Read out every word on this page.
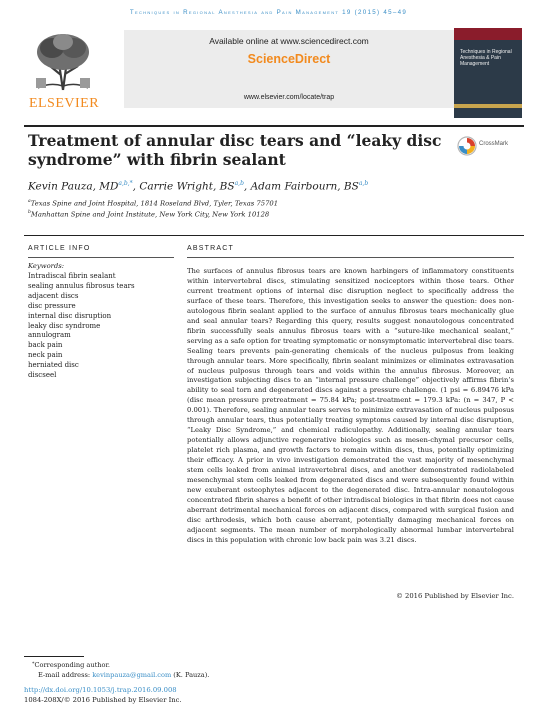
Techniques in Regional Anesthesia and Pain Management 19 (2015) 45–49
ELSEVIER
Available online at www.sciencedirect.com
ScienceDirect
www.elsevier.com/locate/trap
Techniques in Regional Anesthesia & Pain Management
Treatment of annular disc tears and “leaky disc
syndrome” with fibrin sealant
CrossMark
Kevin Pauza, $MD^{a,b,*}$, Carrie Wright, BS$^{a,b}$, Adam Fairbourn, BS$^{a,b}$
$^a$Texas Spine and Joint Hospital, 1814 Roseland Blvd, Tyler, Texas 75701
$^b$Manhattan Spine and Joint Institute, New York City, New York 10128
ARTICLE INFO	ABSTRACT
Keywords:
Intradiscal fibrin sealant
sealing annulus fibrosus tears
adjacent discs
disc pressure
internal disc disruption
leaky disc syndrome
annulogram
back pain
neck pain
herniated disc
discseel
The surfaces of annulus fibrosus tears are known harbingers of inflammatory constituents within intervertebral discs, stimulating sensitized nociceptors within those tears. Other current treatment options of internal disc disruption neglect to specifically address the surface of these tears. Therefore, this investigation seeks to answer the question: does non-autologous fibrin sealant applied to the surface of annulus fibrosus tears mechanically glue and seal annular tears? Regarding this query, results suggest nonautologous concentrated fibrin successfully seals annulus fibrosus tears with a “suture-like mechanical sealant,” serving as a safe option for treating symptomatic or nonsymptomatic intervertebral disc tears. Sealing tears prevents pain-generating chemicals of the nucleus pulposus from leaking through annular tears. More specifically, fibrin sealant minimizes or eliminates extravasation of nucleus pulposus through tears and voids within the annulus fibrosus. Moreover, an investigation subjecting discs to an “internal pressure challenge” objectively affirms fibrin’s ability to seal torn and degenerated discs against a pressure challenge. (1 psi = 6.89476 kPa (disc mean pressure pretreatment = 75.84 kPa; post-treatment = 179.3 kPa: (n = 347, P < 0.001). Therefore, sealing annular tears serves to minimize extravasation of nucleus pulposus through annular tears, thus potentially treating symptoms caused by internal disc disruption, “Leaky Disc Syndrome,” and chemical radiculopathy. Additionally, sealing annular tears potentially allows adjunctive regenerative biologics such as mesen-chymal precursor cells, platelet rich plasma, and growth factors to remain within discs, thus, potentially optimizing their efficacy. A prior in vivo investigation demonstrated the vast majority of mesenchymal stem cells leaked from animal intravertebral discs, and another demonstrated radiolabeled mesenchymal stem cells leaked from degenerated discs and were subsequently found within new exuberant osteophytes adjacent to the degenerated disc. Intra-annular nonautologous concentrated fibrin shares a benefit of other intradiscal biologics in that fibrin does not cause aberrant detrimental mechanical forces on adjacent discs, compared with surgical fusion and disc arthrodesis, which both cause aberrant, potentially damaging mechanical forces on adjacent segments. The mean number of morphologically abnormal lumbar intervertebral discs in this population with chronic low back pain was 3.21 discs.
© 2016 Published by Elsevier Inc.
*Corresponding author.
E-mail address: kevinpauza@gmail.com (K. Pauza).
http://dx.doi.org/10.1053/j.trap.2016.09.008
1084-208X/© 2016 Published by Elsevier Inc.
